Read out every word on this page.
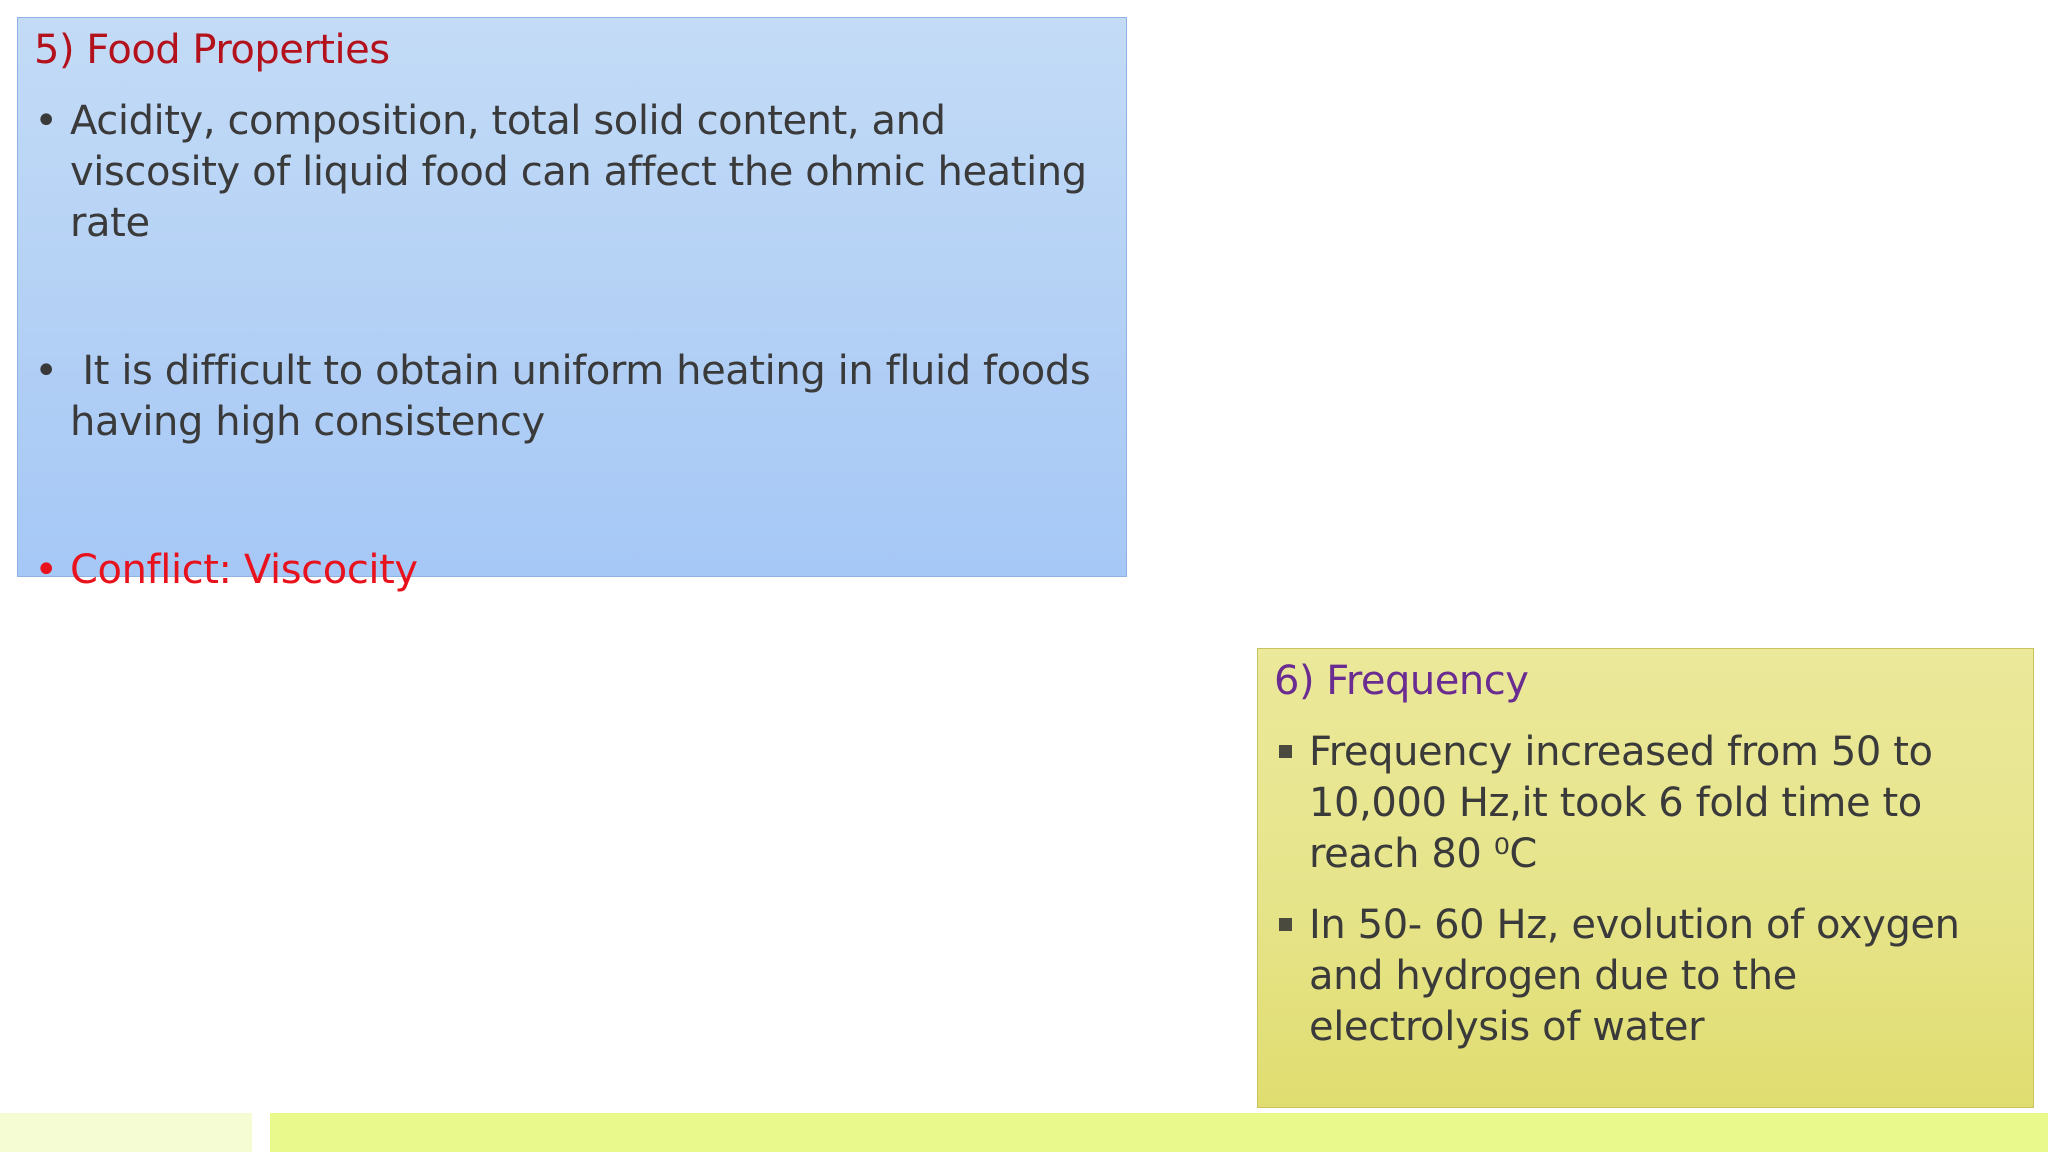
5) Food Properties
• Acidity, composition, total solid content, and viscosity of liquid food can affect the ohmic heating rate
• It is difficult to obtain uniform heating in fluid foods having high consistency
• Conflict: Viscocity
6) Frequency
Frequency increased from 50 to 10,000 Hz,it took 6 fold time to reach 80 ⁰C
In 50- 60 Hz, evolution of oxygen and hydrogen due to the electrolysis of water
